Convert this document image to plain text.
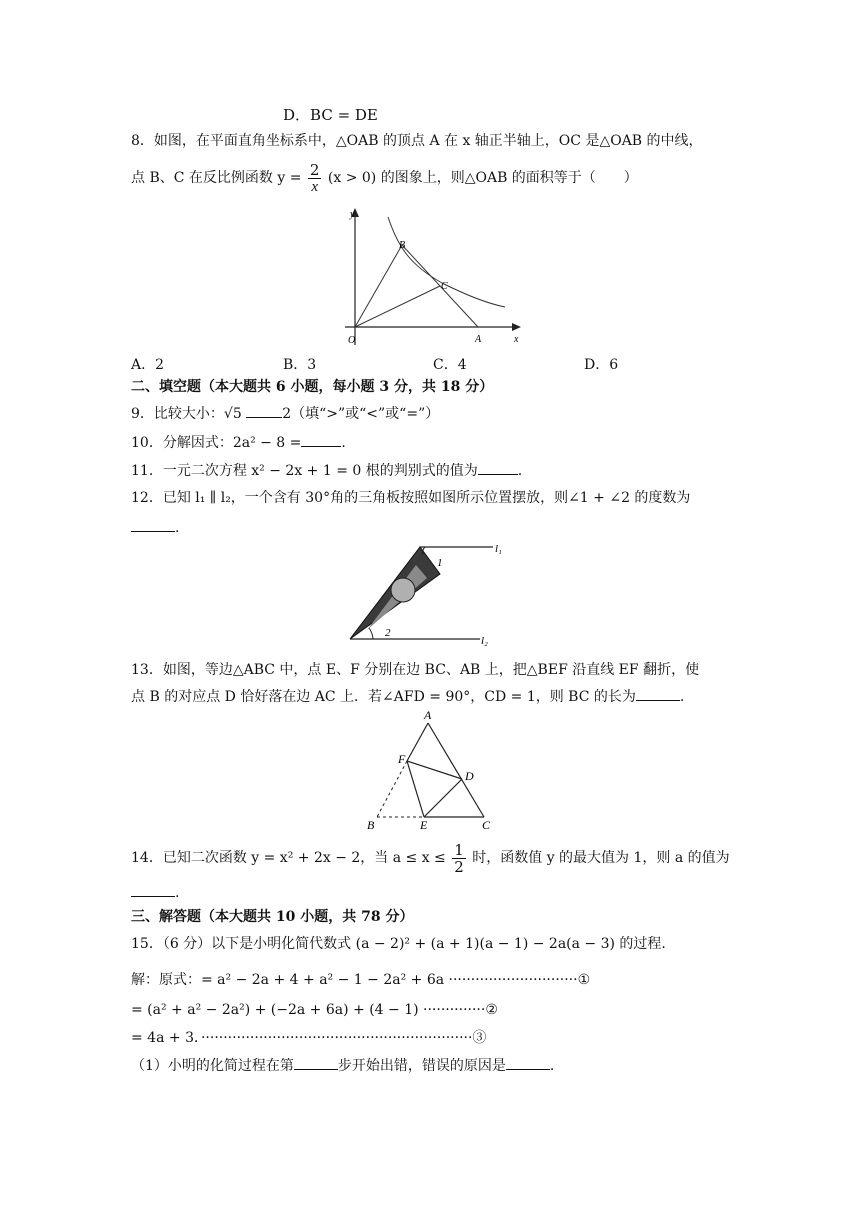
D．BC = DE
8．如图，在平面直角坐标系中，△OAB 的顶点 A 在 x 轴正半轴上，OC 是△OAB 的中线，
点 B、C 在反比例函数 $y = \frac{2}{x} (x > 0)$ 的图象上，则△OAB 的面积等于（　　）
y
x
O	A
B
C
A．2	B．3	C．4	D．6
二、填空题（本大题共 6 小题，每小题 3 分，共 18 分）
9．比较大小：√5	2（填“>”或“<”或“=”）
10．分解因式：2a² − 8 =	.
11．一元二次方程 x² − 2x + 1 = 0 根的判别式的值为	.
12．已知 l₁ ∥ l₂，一个含有 30°角的三角板按照如图所示位置摆放，则∠1 + ∠2 的度数为
.
1
2
l₁
l₂
13．如图，等边△ABC 中，点 E、F 分别在边 BC、AB 上，把△BEF 沿直线 EF 翻折，使
点 B 的对应点 D 恰好落在边 AC 上．若∠AFD = 90°，CD = 1，则 BC 的长为	.
A
F
D
B	E	C
14．已知二次函数 y = x² + 2x − 2，当 $a \le x \le \frac{1}{2}$ 时，函数值 y 的最大值为 1，则 a 的值为
.
三、解答题（本大题共 10 小题，共 78 分）
15．（6 分）以下是小明化简代数式 (a − 2)² + (a + 1)(a − 1) − 2a(a − 3) 的过程.
解：原式：= a² − 2a + 4 + a² − 1 − 2a² + 6a ·····························①
= (a² + a² − 2a²) + (−2a + 6a) + (4 − 1) ··············②
= 4a + 3．·····························································③
（1）小明的化简过程在第	步开始出错，错误的原因是	.
